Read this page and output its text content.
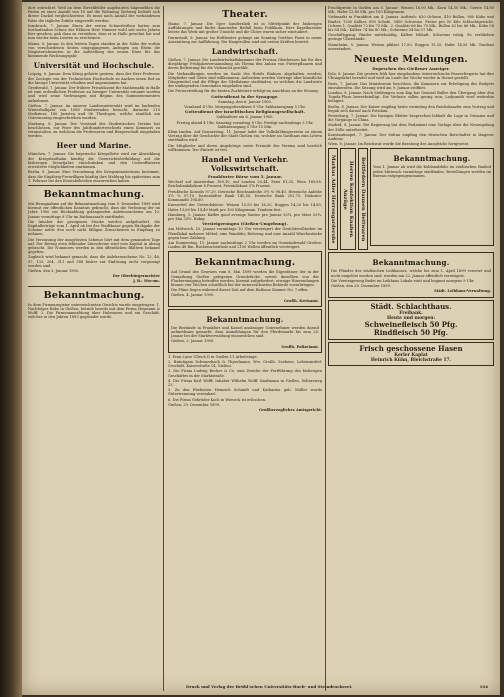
dort entrichtet. Weil an dem Streckfelder angebauten Sägemehlen die Faden zu einer Anzahl von 10 auf die Wohnung Ziehweg beläuft sich dieser Dackel vergleichsweise. Es muss nach Anzahl der vorhandenen Ritze die tägliche Zufuhr eingestellt werden.

Innsbruck, 7. Januar. Einen der ersten Schneeleithen hatten zum fortlaufenden Schutz der Eßlinen Herr Nimmer wohl seit sechs Jahren hier gesehen, gab dazu zu verstehen, dass er in Halle gewohnt hat und nun wieder beim Leisten zu erscheinen.

Mainz, 8. Januar. In den letzten Tagen standen in der Nähe der vorhin von verschiedenen Seiten eingegangenen Anfragen am Rhein die Magistratsbeamten in die Aufstellung des neuen Etats für das kommende Rechnungsjahr.

Universität und Hochschule.

Leipzig, 8. Januar. Dem König gehörte gestern, dass der Herr Professor der Zoologie von der Technischen Hochschule zu Aachen einen Ruf an die hiesige Universität erhalten und angenommen hat.

Greifswald, 7. Januar. Der frühere Privatdozent für Mathematik in Halle ist zum ordentlichen Professor an hiesiger Universität ernannt worden und wird seine Vorlesungen mit Beginn des Sommersemesters aufnehmen.

Gießen, 7. Januar. An unserer Landesuniversität wird im laufenden Winterhalbjahr von 1080 Studierenden besucht, darunter 210 Mediziner, 180 Juristen und 96 Theologen, welche sämtlich am Ostermontag eingeschrieben wurden.

Marburg, 8. Januar. Der Vorstand des Studentischen Vereins hat beschlossen, zur Feier des Jahrhundertwechsels einen Kommers zu veranstalten, zu welchem die Professoren und Bürgerschaft eingeladen werden.

Heer und Marine.

München, 7. Januar. Die bayerische Kriegsflotte wird zur Abwicklung der Kriegslaufbahn künftig die Unterrichtsfortbildung auf die bisherigen Dienstjahre einschränken und den Unteroffizieren erweiterte Möglichkeiten einräumen.

Berlin, 8. Januar. Eine Verordnung des Kriegsministeriums bestimmt, dass die Einjährig-Freiwilligen künftig ihre Meldung bis spätestens zum 1. Februar bei den Ersatzbehörden einzureichen haben.

Bekanntmachung.

Mit Bezugnahme auf die Bekanntmachung vom 9. Dezember 1899 wird hiermit zur öffentlichen Kenntnis gebracht, dass die Verlosung der im Jahre 1900 zur Rückzahlung gelangenden Anlehensscheine am 10. Januar vormittags 9 Uhr im Rathaussaale stattfindet.

Die Inhaber der gezogenen Stücke werden aufgefordert, die Kapitalbeträge vom 1. April ab bei der Stadtkasse gegen Rückgabe der Scheine nebst den noch nicht fälligen Zinsscheinen in Empfang zu nehmen.

Die Verzinsung der ausgelosten Scheine hört mit dem genannten Tage auf. Der Betrag etwa fehlender Zinsscheine wird vom Kapital in Abzug gebracht. Die Nummern werden in den öffentlichen Blättern bekannt gegeben.

Zugleich wird bekannt gemacht, dass die Anlehensscheine No. 12, 48, 97, 133, 204, 311 und 388 bisher zur Einlösung nicht vorgezeigt worden sind.

Gießen, den 3. Januar 1900.

Der Oberbürgermeister

J. B.: Mecum.

Bekanntmachung.

In dem Firmenregister unterzeichneten Gerichts wurde eingetragen: 1. Nachfolger Rabe in Gießen, betrieb bereits mit dem Firma Heymann & Wolff, 2. Die Firmenanmeldung über Holzwaren und ein Geschäft, welches in den Jahren 1893 gegründet wurde.

Theater.

Mainz, 7. Januar. Die Oper Sanderslieb ist in Mittelpunkt der bisherigen Aufführungen und findet dauernden Beifall beim Publikum. Herr Kapellmeister leitete das Werk mit großer Umsicht und die Chöre waren sicher einstudiert.

Darmstadt, 8. Januar. Im Hoftheater gelangt am Sonntag Goethes Faust in neuer Ausstattung zur Aufführung. Die Hauptrollen sind mit ersten Kräften besetzt.

Landwirtschaft.

Gießen, 7. Januar. Die Landwirtschaftskammer der Provinz Oberhessen hat für ihre diesjährige Frühjahrsversammlung als Thema den Anbau von Futterpflanzen und deren Bedeutung für die Viehzucht gewählt.

Die Verhandlungen werden im Saale des Hotels Einhorn abgehalten werden; Mitglieder und Gäste sind willkommen. Außerdem werden Vorträge über künstliche Düngemittel und die Pflege der Obstbäume stattfinden, zu welchen die Landwirte der umliegenden Gemeinden eingeladen sind.

Die Preisverteilung für die besten Zuchtstiere erfolgt im Anschluss an die Sitzung.

Gottesdienst in der Synagoge.

Samstag, den 6. Januar 1900.

Vorabend 4 Uhr. Morgengottesdienst 9 Uhr. Sabbatausgang 5 Uhr.

Gottesdienst der israelitischen Religionsgesellschaft.

Sabbatfeier am 6. Januar 1900.

Freitag abend 4 Uhr, Samstag vormittag 8 Uhr, Predigt nachmittags 3 Uhr, Sabbatausgang 5 Uhr 15 Min.

Klein-Linden. Auf Donnerstag, 11. Januar ladet der Volksbildungsverein zu einem Vortrag über die Geschichte der Stadt Gießen ein, welcher im Gasthaus zum Löwen stattfinden wird.

Die Mitglieder und deren Angehörige sowie Freunde des Vereins sind herzlich willkommen. Der Eintritt ist frei.

Handel und Verkehr. Volkswirtschaft.

Frankfurter Börse vom 5. Januar.

Wechsel auf Amsterdam 169,10, auf London 20,44, Paris 81,25, Wien 169,85. Reichsbankdiskont 6 Prozent, Privatdiskont 5¾ Prozent.

Preußische Konsols 97,20. Deutsche Reichsanleihe 3½ % 98,40, Hessische Anleihe 3½ % 97,10. Darmstädter Bank 140,50, Deutsche Bank 202,75, Diskonto-Kommandit 194,60.

Kurszettel der Getreidebörse: Weizen 15,50 bis 16,20, Roggen 14,20 bis 14,80, Hafer 13,60 bis 14,40 Mark pro 100 Kilogramm. Tendenz fest.

Hamburg, 5. Januar. Kaffee good average Santos pro Januar 32¾, pro März 33¼, pro Mai 33½. Ruhig.

Versteigerungen (Gießen-Umgebung).

Am Mittwoch, 10. Januar vormittags 10 Uhr versteigert der Gerichtsvollzieher im Pfandlokal mehrere Möbel, eine Wanduhr, Bettzeug und eine Anzahl Wäschestücke gegen bare Zahlung.

Am Donnerstag, 11. Januar nachmittags 2 Uhr werden im Gemeindewald Großen-Linden 48 Rm. Buchenscheitholz und 2100 Wellen öffentlich versteigert.

Bekanntmachung.

Auf Grund des Gesetzes vom 8. Mai 1899 werden die Eigentümer der in der Gemarkung Gießen gelegenen Grundstücke, soweit dieselben von der Flurbereinigung betroffen werden, hiermit aufgefordert, etwaige Einwendungen binnen vier Wochen schriftlich bei der unterzeichneten Behörde vorzubringen.

Die Pläne liegen während dieser Zeit auf dem Rathaus Zimmer No. 7 offen.

Gießen, 4. Januar 1900.

Großh. Kreisamt.

Bekanntmachung.

Die Bestände in Frankfurt und Kassel ansässiger Unternehmer werden darauf aufmerksam gemacht, dass Anmeldungen für den Pferdemarkt bis zum 20. Januar bei der Marktverwaltung einzureichen sind.

Gießen, 3. Januar 1900.

Großh. Polizeiamt.

1. Frau Luise Ullrich II in Gießen 11 Arbeitstage.

2. Bräutigam Schwarzbach & Thyselmann, Ww. Großh. Seebens, Lebensmittel-Geschäft, Kaiserstraße 14, Gießen.

3. Die Firma Ludwig Becker & Co. zum Zwecke der Fortführung des bisherigen Geschäftes in der Marktstraße.

4. Die Firma Karl Wolff, Inhaber Wilhelm Wolff, Kaufmann in Gießen, Seltersweg 23.

5. Zu den Eheleuten Heinrich Schmidt und Katharina geb. Müller wurde Gütertrennung vereinbart.

6. Die Firma Gebrüder Koch in Wieseck ist erloschen.

Gießen, 29. Dezember 1899.

Großherzogliches Amtsgericht.

Fruchtpreise in Gießen am 6. Januar: Weizen 16,00 Mk., Korn 14,50 Mk., Gerste 14,80 Mk., Hafer 13,80 Mk. pro 100 Kilogramm.

Viehmarkt in Frankfurt am 4. Januar. Auftrieb: 620 Ochsen, 410 Bullen, 980 Kühe und Rinder, 1200 Kälber, 890 Schafe, 3450 Schweine. Preise pro 50 Kilo Schlachtgewicht: Ochsen 1. Qualität 72 bis 75 Mk., 2. Qualität 66 bis 70 Mk.; Bullen 62 bis 66 Mk.; Kühe 58 bis 64 Mk.; Kälber 74 bis 80 Mk.; Schweine 54 bis 57 Mk.

Geschäftsgang: Rinder mittelmäßig, Kälber lebhaft, Schweine ruhig. Es verblieben geringe Überstände.

Mannheim, 5. Januar. Weizen pfälzer 17,00, Roggen 15,25, Hafer 14,50 Mk. Tendenz unverändert.

Neueste Meldungen.
Depeschen des Gießener Anzeiger.

Pola, 8. Januar. Die gestern früh hier eingelaufene österreichische Panzerfregatte hat ihre Übungsfahrt beendet und wird im Laufe der Woche wieder in Dienst gestellt.

Paris, 7. Januar. Das Ministerium beschloss, die Kammern zur Erledigung des Budgets einzuberufen. Die Sitzung wird am 9. Januar eröffnet.

London, 8. Januar. Nach Meldungen vom Kap hat General Buller den Übergang über den Tugela-Fluss bewerkstelligt. Die Verluste sollen gering sein; Ladysmith wird weiterhin belagert.

Berlin, 8. Januar. Der Kaiser empfing heute vormittag den Reichskanzler zum Vortrag und begab sich darauf nach Potsdam.

Petersburg, 7. Januar. Die hiesigen Blätter besprechen lebhaft die Lage in Ostasien und die Vorgänge in China.

Madrid, 8. Januar. Die Regierung hat dem Parlament eine Vorlage über die Neuregelung der Zölle unterbreitet.

Konstantinopel, 7. Januar. Der Sultan empfing den deutschen Botschafter in längerer Audienz.

Wien, 8. Januar. Im Reichsrat wurde die Beratung des Ausgleichs fortgesetzt.

Markus Adler Herrengarderobe	Herren Konfektion Knaben Anzüge	Bettfedern Daunen Bettwaren	Bekanntmachung.

Vom 1. Januar ab wird die Kohlenabfuhr im städtischen Bauhof jeden Mittwoch vormittags stattfinden. Bestellungen werden im Bureau entgegengenommen.

Bekanntmachung.

Die Pfänder des städtischen Leihhauses, welche bis zum 1. April 1899 versetzt und nicht eingelöst worden sind, werden am 22. Januar öffentlich versteigert.

Die Versteigerung findet im Leihhaus Lokale statt und beginnt morgens 9 Uhr.

Gießen, den 28. Dezember 1899.

Städt. Leihhaus-Verwaltung.

Städt. Schlachthaus.
Freibank.
Heute und morgen:
Schweinefleisch 50 Pfg.
Rindfleisch 50 Pfg.
Frisch geschossene Hasen
Kerler Kaplat
Heinrich Kühn, Bleichstraße 17.
Druck und Verlag der Brühl'schen Universitäts-Buch- und Steindruckerei.	104
